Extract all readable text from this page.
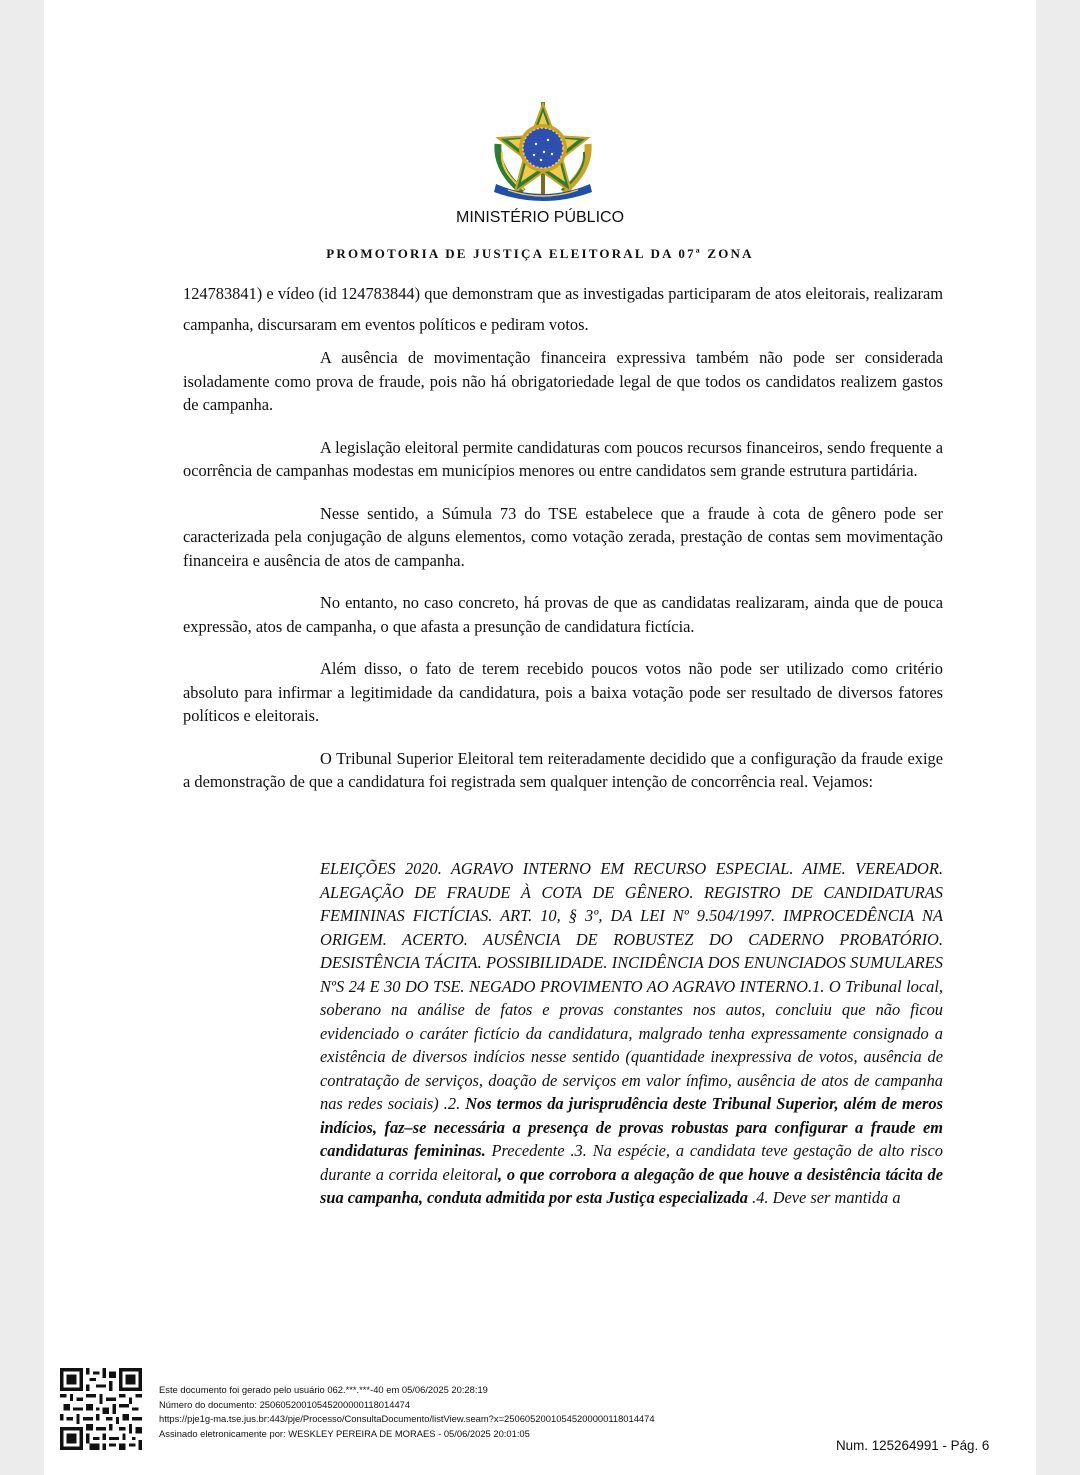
MINISTÉRIO PÚBLICO
PROMOTORIA DE JUSTIÇA ELEITORAL DA 07ª ZONA

124783841) e vídeo (id 124783844) que demonstram que as investigadas participaram de atos eleitorais, realizaram campanha, discursaram em eventos políticos e pediram votos.

A ausência de movimentação financeira expressiva também não pode ser considerada isoladamente como prova de fraude, pois não há obrigatoriedade legal de que todos os candidatos realizem gastos de campanha.

A legislação eleitoral permite candidaturas com poucos recursos financeiros, sendo frequente a ocorrência de campanhas modestas em municípios menores ou entre candidatos sem grande estrutura partidária.

Nesse sentido, a Súmula 73 do TSE estabelece que a fraude à cota de gênero pode ser caracterizada pela conjugação de alguns elementos, como votação zerada, prestação de contas sem movimentação financeira e ausência de atos de campanha.

No entanto, no caso concreto, há provas de que as candidatas realizaram, ainda que de pouca expressão, atos de campanha, o que afasta a presunção de candidatura fictícia.

Além disso, o fato de terem recebido poucos votos não pode ser utilizado como critério absoluto para infirmar a legitimidade da candidatura, pois a baixa votação pode ser resultado de diversos fatores políticos e eleitorais.

O Tribunal Superior Eleitoral tem reiteradamente decidido que a configuração da fraude exige a demonstração de que a candidatura foi registrada sem qualquer intenção de concorrência real. Vejamos:

ELEIÇÕES 2020. AGRAVO INTERNO EM RECURSO ESPECIAL. AIME. VEREADOR. ALEGAÇÃO DE FRAUDE À COTA DE GÊNERO. REGISTRO DE CANDIDATURAS FEMININAS FICTÍCIAS. ART. 10, § 3º, DA LEI Nº 9.504/1997. IMPROCEDÊNCIA NA ORIGEM. ACERTO. AUSÊNCIA DE ROBUSTEZ DO CADERNO PROBATÓRIO. DESISTÊNCIA TÁCITA. POSSIBILIDADE. INCIDÊNCIA DOS ENUNCIADOS SUMULARES NºS 24 E 30 DO TSE. NEGADO PROVIMENTO AO AGRAVO INTERNO.1. O Tribunal local, soberano na análise de fatos e provas constantes nos autos, concluiu que não ficou evidenciado o caráter fictício da candidatura, malgrado tenha expressamente consignado a existência de diversos indícios nesse sentido (quantidade inexpressiva de votos, ausência de contratação de serviços, doação de serviços em valor ínfimo, ausência de atos de campanha nas redes sociais) .2. Nos termos da jurisprudência deste Tribunal Superior, além de meros indícios, faz–se necessária a presença de provas robustas para configurar a fraude em candidaturas femininas. Precedente .3. Na espécie, a candidata teve gestação de alto risco durante a corrida eleitoral, o que corrobora a alegação de que houve a desistência tácita de sua campanha, conduta admitida por esta Justiça especializada .4. Deve ser mantida a

Este documento foi gerado pelo usuário 062.***.***-40 em 05/06/2025 20:28:19
Número do documento: 25060520010545200000118014474
https://pje1g-ma.tse.jus.br:443/pje/Processo/ConsultaDocumento/listView.seam?x=25060520010545200000118014474
Assinado eletronicamente por: WESKLEY PEREIRA DE MORAES - 05/06/2025 20:01:05
Num. 125264991 - Pág. 6
